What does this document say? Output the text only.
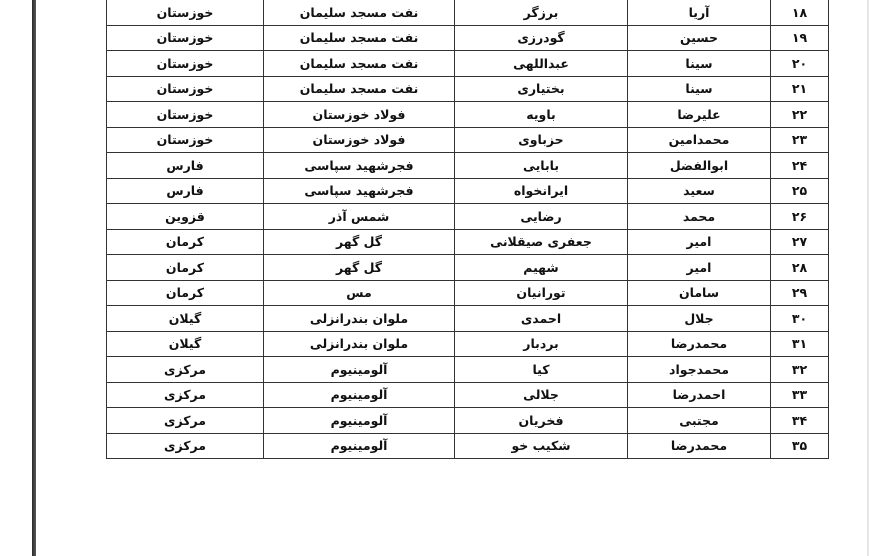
۱۸	آریا	برزگر	نفت مسجد سلیمان	خوزستان
۱۹	حسین	گودرزی	نفت مسجد سلیمان	خوزستان
۲۰	سینا	عبداللهی	نفت مسجد سلیمان	خوزستان
۲۱	سینا	بختیاری	نفت مسجد سلیمان	خوزستان
۲۲	علیرضا	باویه	فولاد خوزستان	خوزستان
۲۳	محمدامین	حزباوی	فولاد خوزستان	خوزستان
۲۴	ابوالفضل	بابایی	فجرشهید سپاسی	فارس
۲۵	سعید	ایرانخواه	فجرشهید سپاسی	فارس
۲۶	محمد	رضایی	شمس آذر	قزوین
۲۷	امیر	جعفری صیقلانی	گل گهر	کرمان
۲۸	امیر	شهیم	گل گهر	کرمان
۲۹	سامان	تورانیان	مس	کرمان
۳۰	جلال	احمدی	ملوان بندرانزلی	گیلان
۳۱	محمدرضا	بردبار	ملوان بندرانزلی	گیلان
۳۲	محمدجواد	کیا	آلومینیوم	مرکزی
۳۳	احمدرضا	جلالی	آلومینیوم	مرکزی
۳۴	مجتبی	فخریان	آلومینیوم	مرکزی
۳۵	محمدرضا	شکیب خو	آلومینیوم	مرکزی
